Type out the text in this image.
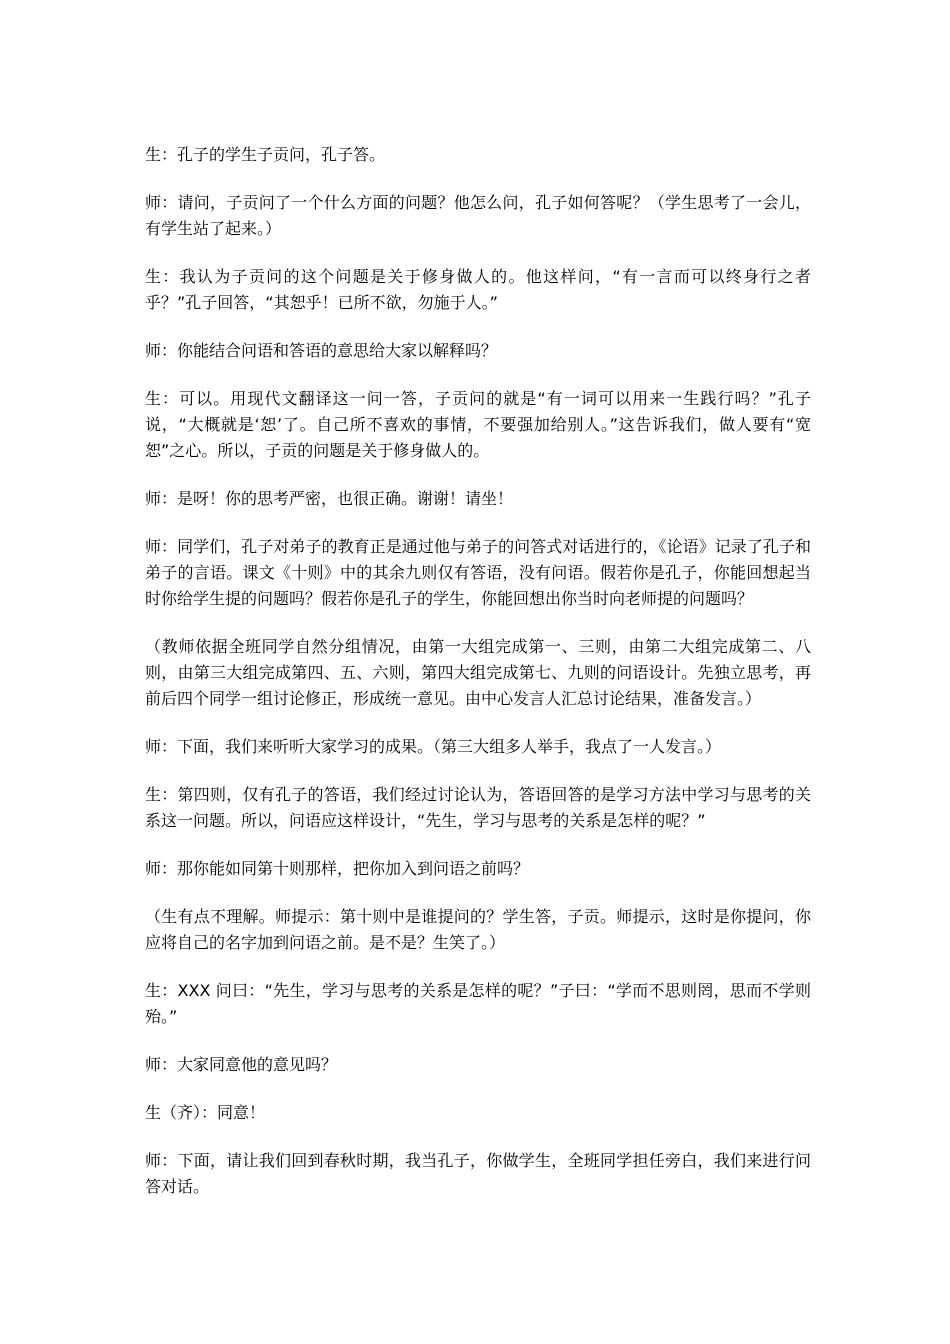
生：孔子的学生子贡问，孔子答。

师：请问，子贡问了一个什么方面的问题？他怎么问，孔子如何答呢？（学生思考了一会儿，有学生站了起来。）

生：我认为子贡问的这个问题是关于修身做人的。他这样问，“有一言而可以终身行之者乎？”孔子回答，“其恕乎！已所不欲，勿施于人。”

师：你能结合问语和答语的意思给大家以解释吗？

生：可以。用现代文翻译这一问一答，子贡问的就是“有一词可以用来一生践行吗？”孔子说，“大概就是‘恕’了。自己所不喜欢的事情，不要强加给别人。”这告诉我们，做人要有“宽恕”之心。所以，子贡的问题是关于修身做人的。

师：是呀！你的思考严密，也很正确。谢谢！请坐！

师：同学们，孔子对弟子的教育正是通过他与弟子的问答式对话进行的，《论语》记录了孔子和弟子的言语。课文《十则》中的其余九则仅有答语，没有问语。假若你是孔子，你能回想起当时你给学生提的问题吗？假若你是孔子的学生，你能回想出你当时向老师提的问题吗？

（教师依据全班同学自然分组情况，由第一大组完成第一、三则，由第二大组完成第二、八则，由第三大组完成第四、五、六则，第四大组完成第七、九则的问语设计。先独立思考，再前后四个同学一组讨论修正，形成统一意见。由中心发言人汇总讨论结果，准备发言。）

师：下面，我们来听听大家学习的成果。（第三大组多人举手，我点了一人发言。）

生：第四则，仅有孔子的答语，我们经过讨论认为，答语回答的是学习方法中学习与思考的关系这一问题。所以，问语应这样设计，“先生，学习与思考的关系是怎样的呢？”

师：那你能如同第十则那样，把你加入到问语之前吗？

（生有点不理解。师提示：第十则中是谁提问的？学生答，子贡。师提示，这时是你提问，你应将自己的名字加到问语之前。是不是？生笑了。）

生：XXX 问曰：“先生，学习与思考的关系是怎样的呢？”子曰：“学而不思则罔，思而不学则殆。”

师：大家同意他的意见吗？

生（齐）：同意！

师：下面，请让我们回到春秋时期，我当孔子，你做学生，全班同学担任旁白，我们来进行问答对话。
